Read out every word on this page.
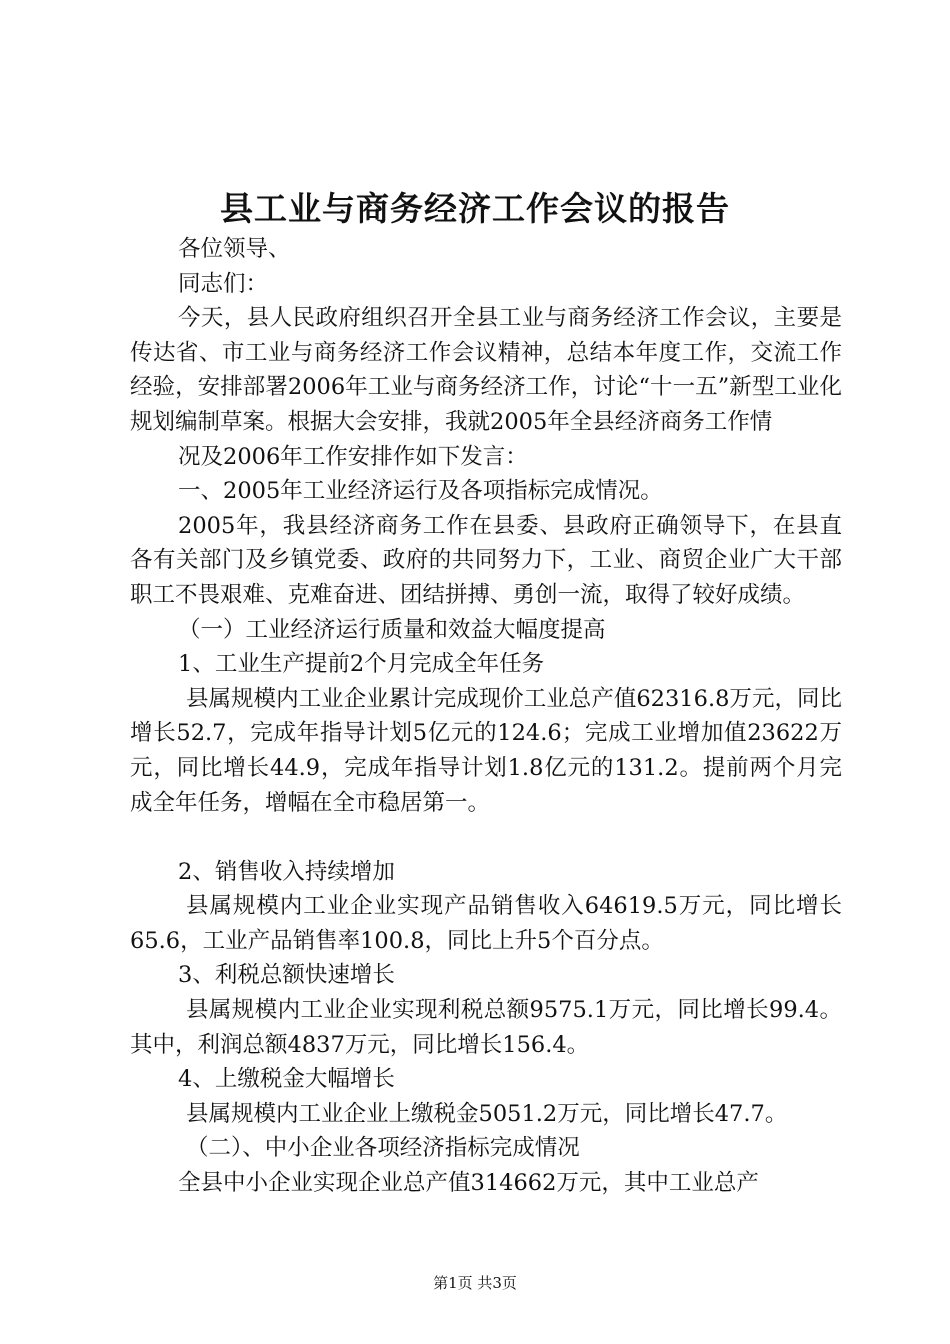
县工业与商务经济工作会议的报告

各位领导、

同志们：

今天，县人民政府组织召开全县工业与商务经济工作会议，主要是传达省、市工业与商务经济工作会议精神，总结本年度工作，交流工作经验，安排部署2006年工业与商务经济工作，讨论“十一五”新型工业化规划编制草案。根据大会安排，我就2005年全县经济商务工作情

况及2006年工作安排作如下发言：

一、2005年工业经济运行及各项指标完成情况。

2005年，我县经济商务工作在县委、县政府正确领导下，在县直各有关部门及乡镇党委、政府的共同努力下，工业、商贸企业广大干部职工不畏艰难、克难奋进、团结拼搏、勇创一流，取得了较好成绩。

（一）工业经济运行质量和效益大幅度提高

1、工业生产提前2个月完成全年任务

县属规模内工业企业累计完成现价工业总产值62316.8万元，同比增长52.7，完成年指导计划5亿元的124.6；完成工业增加值23622万元，同比增长44.9，完成年指导计划1.8亿元的131.2。提前两个月完成全年任务，增幅在全市稳居第一。

2、销售收入持续增加

县属规模内工业企业实现产品销售收入64619.5万元，同比增长65.6，工业产品销售率100.8，同比上升5个百分点。

3、利税总额快速增长

县属规模内工业企业实现利税总额9575.1万元，同比增长99.4。其中，利润总额4837万元，同比增长156.4。

4、上缴税金大幅增长

县属规模内工业企业上缴税金5051.2万元，同比增长47.7。

（二）、中小企业各项经济指标完成情况

全县中小企业实现企业总产值314662万元，其中工业总产

第1页 共3页
